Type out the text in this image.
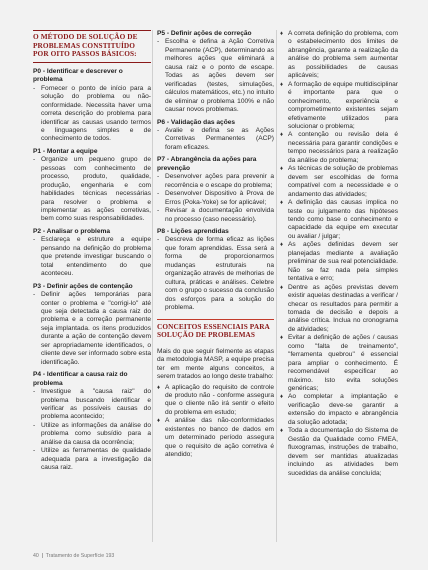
O MÉTODO DE SOLUÇÃO DE PROBLEMAS CONSTITUÍDO POR OITO PASSOS BÁSICOS:
P0 - Identificar e descrever o problema
- Fornecer o ponto de início para a solução do problema ou não-conformidade. Necessita haver uma correta descrição do problema para identificar as causas usando termos e linguagens simples e de conhecimento de todos.
P1 - Montar a equipe
- Organize um pequeno grupo de pessoas com conhecimento de processo, produto, qualidade, produção, engenharia e com habilidades técnicas necessárias para resolver o problema e implementar as ações corretivas, bem como suas responsabilidades.
P2 - Analisar o problema
- Esclareça e estruture a equipe pensando na definição do problema que pretende investigar buscando o total entendimento do que aconteceu.
P3 - Definir ações de contenção
- Definir ações temporárias para conter o problema e "corrigi-lo" até que seja detectada a causa raiz do problema e a correção permanente seja implantada. os itens produzidos durante a ação de contenção devem ser apropriadamente identificados, o cliente deve ser informado sobre esta identificação.
P4 - Identificar a causa raiz do problema
- Investigue a "causa raiz" do problema buscando identificar e verificar as possíveis causas do problema acontecido;
- Utilize as informações da análise do problema como subsídio para a análise da causa da ocorrência;
- Utilize as ferramentas de qualidade adequada para a investigação da causa raiz.
P5 - Definir ações de correção
- Escolha e defina a Ação Corretiva Permanente (ACP), determinando as melhores ações que eliminará a causa raiz e o ponto de escape. Todas as ações devem ser verificadas (testes, simulações, cálculos matemáticos, etc.) no intuito de eliminar o problema 100% e não causar novos problemas.
P6 - Validação das ações
- Avalie e defina se as Ações Corretivas Permanentes (ACP) foram eficazes.
P7 - Abrangência da ações para prevenção
- Desenvolver ações para prevenir a recorrência e o escape do problema;
- Desenvolver Dispositivo à Prova de Erros (Poka-Yoke) se for aplicável;
- Revisar a documentação envolvida no processo (caso necessário).
P8 - Lições aprendidas
- Descreva de forma eficaz as lições que foram aprendidas. Essa será a forma de proporcionarmos mudanças estruturais na organização através de melhorias de cultura, práticas e análises. Celebre com o grupo o sucesso da conclusão dos esforços para a solução do problema.
CONCEITOS ESSENCIAIS PARA SOLUÇÃO DE PROBLEMAS
Mais do que seguir fielmente as etapas da metodologia MASP, a equipe precisa ter em mente alguns conceitos, a serem tratados ao longo deste trabalho:
♦ A aplicação do requisito de controle de produto não - conforme assegura que o cliente não irá sentir o efeito do problema em estudo;
♦ A análise das não-conformidades existentes no banco de dados em um determinado período assegura que o requisito de ação corretiva é atendido;
♦ A correta definição do problema, com o estabelecimento dos limites de abrangência, garante a realização da análise do problema sem aumentar as possibilidades de causas aplicáveis;
♦ A formação de equipe multidisciplinar é importante para que o conhecimento, experiência e comprometimento existentes sejam efetivamente utilizados para solucionar o problema;
♦ A contenção ou revisão dela é necessária para garantir condições e tempo necessários para a realização da análise do problema;
♦ As técnicas de solução de problemas devem ser escolhidas de forma compatível com a necessidade e o andamento das atividades;
♦ A definição das causas implica no teste ou julgamento das hipóteses tendo como base o conhecimento e capacidade da equipe em executar ou avaliar / julgar;
♦ As ações definidas devem ser planejadas mediante a avaliação preliminar de sua real potencialidade. Não se faz nada pela simples tentativa e erro;
♦ Dentre as ações previstas devem existir aquelas destinadas a verificar / checar os resultados para permitir a tomada de decisão e depois a análise crítica. Inclua no cronograma de atividades;
♦ Evitar a definição de ações / causas como "falta de treinamento", "ferramenta quebrou" é essencial para ampliar o conhecimento. É recomendável especificar ao máximo. Isto evita soluções genéricas;
♦ Ao completar a implantação e verificação deve-se garantir a extensão do impacto e abrangência da solução adotada;
♦ Toda a documentação do Sistema de Gestão da Qualidade como FMEA, fluxogramas, instruções de trabalho, devem ser mantidas atualizadas incluindo as atividades bem sucedidas da análise concluída;
40 Tratamento de Superfície 193
